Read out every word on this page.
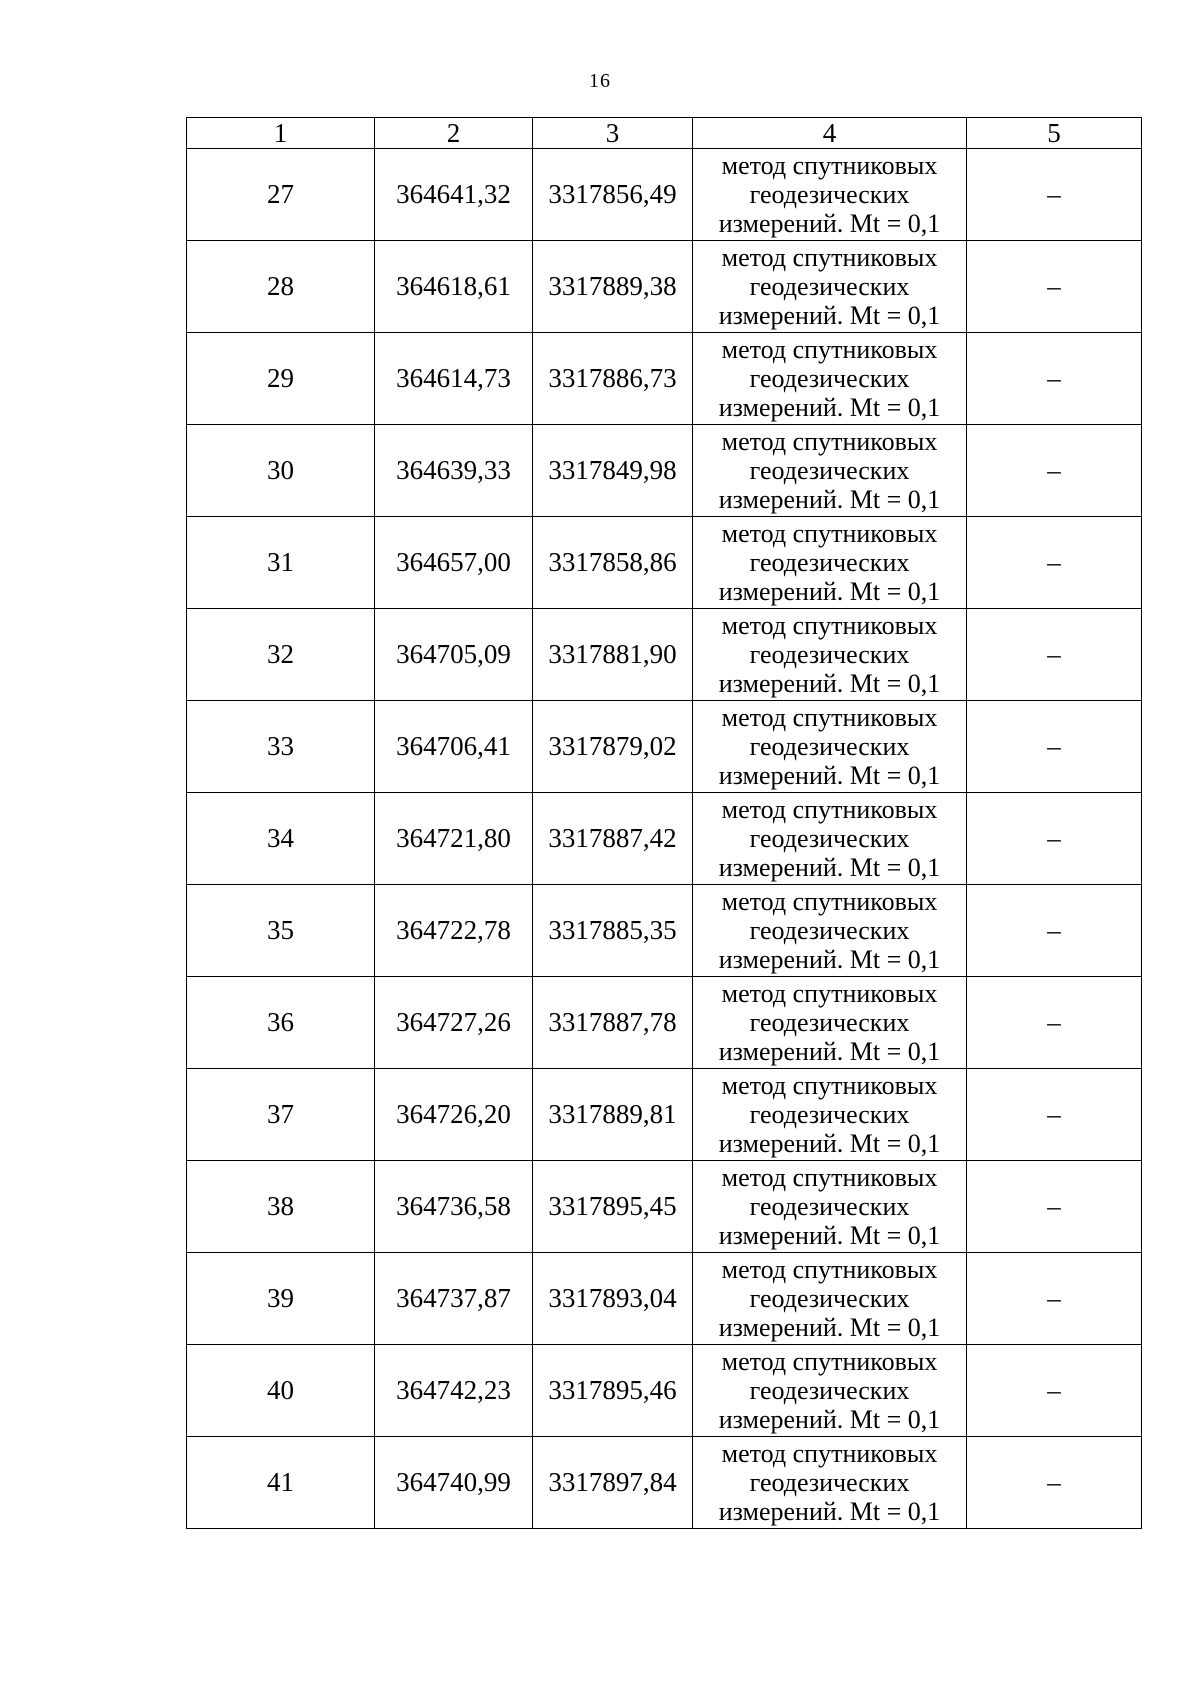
16
1	2	3	4	5
27	364641,32	3317856,49	метод спутниковых
геодезических
измерений. Mt = 0,1	–
28	364618,61	3317889,38	метод спутниковых
геодезических
измерений. Mt = 0,1	–
29	364614,73	3317886,73	метод спутниковых
геодезических
измерений. Mt = 0,1	–
30	364639,33	3317849,98	метод спутниковых
геодезических
измерений. Mt = 0,1	–
31	364657,00	3317858,86	метод спутниковых
геодезических
измерений. Mt = 0,1	–
32	364705,09	3317881,90	метод спутниковых
геодезических
измерений. Mt = 0,1	–
33	364706,41	3317879,02	метод спутниковых
геодезических
измерений. Mt = 0,1	–
34	364721,80	3317887,42	метод спутниковых
геодезических
измерений. Mt = 0,1	–
35	364722,78	3317885,35	метод спутниковых
геодезических
измерений. Mt = 0,1	–
36	364727,26	3317887,78	метод спутниковых
геодезических
измерений. Mt = 0,1	–
37	364726,20	3317889,81	метод спутниковых
геодезических
измерений. Mt = 0,1	–
38	364736,58	3317895,45	метод спутниковых
геодезических
измерений. Mt = 0,1	–
39	364737,87	3317893,04	метод спутниковых
геодезических
измерений. Mt = 0,1	–
40	364742,23	3317895,46	метод спутниковых
геодезических
измерений. Mt = 0,1	–
41	364740,99	3317897,84	метод спутниковых
геодезических
измерений. Mt = 0,1	–
